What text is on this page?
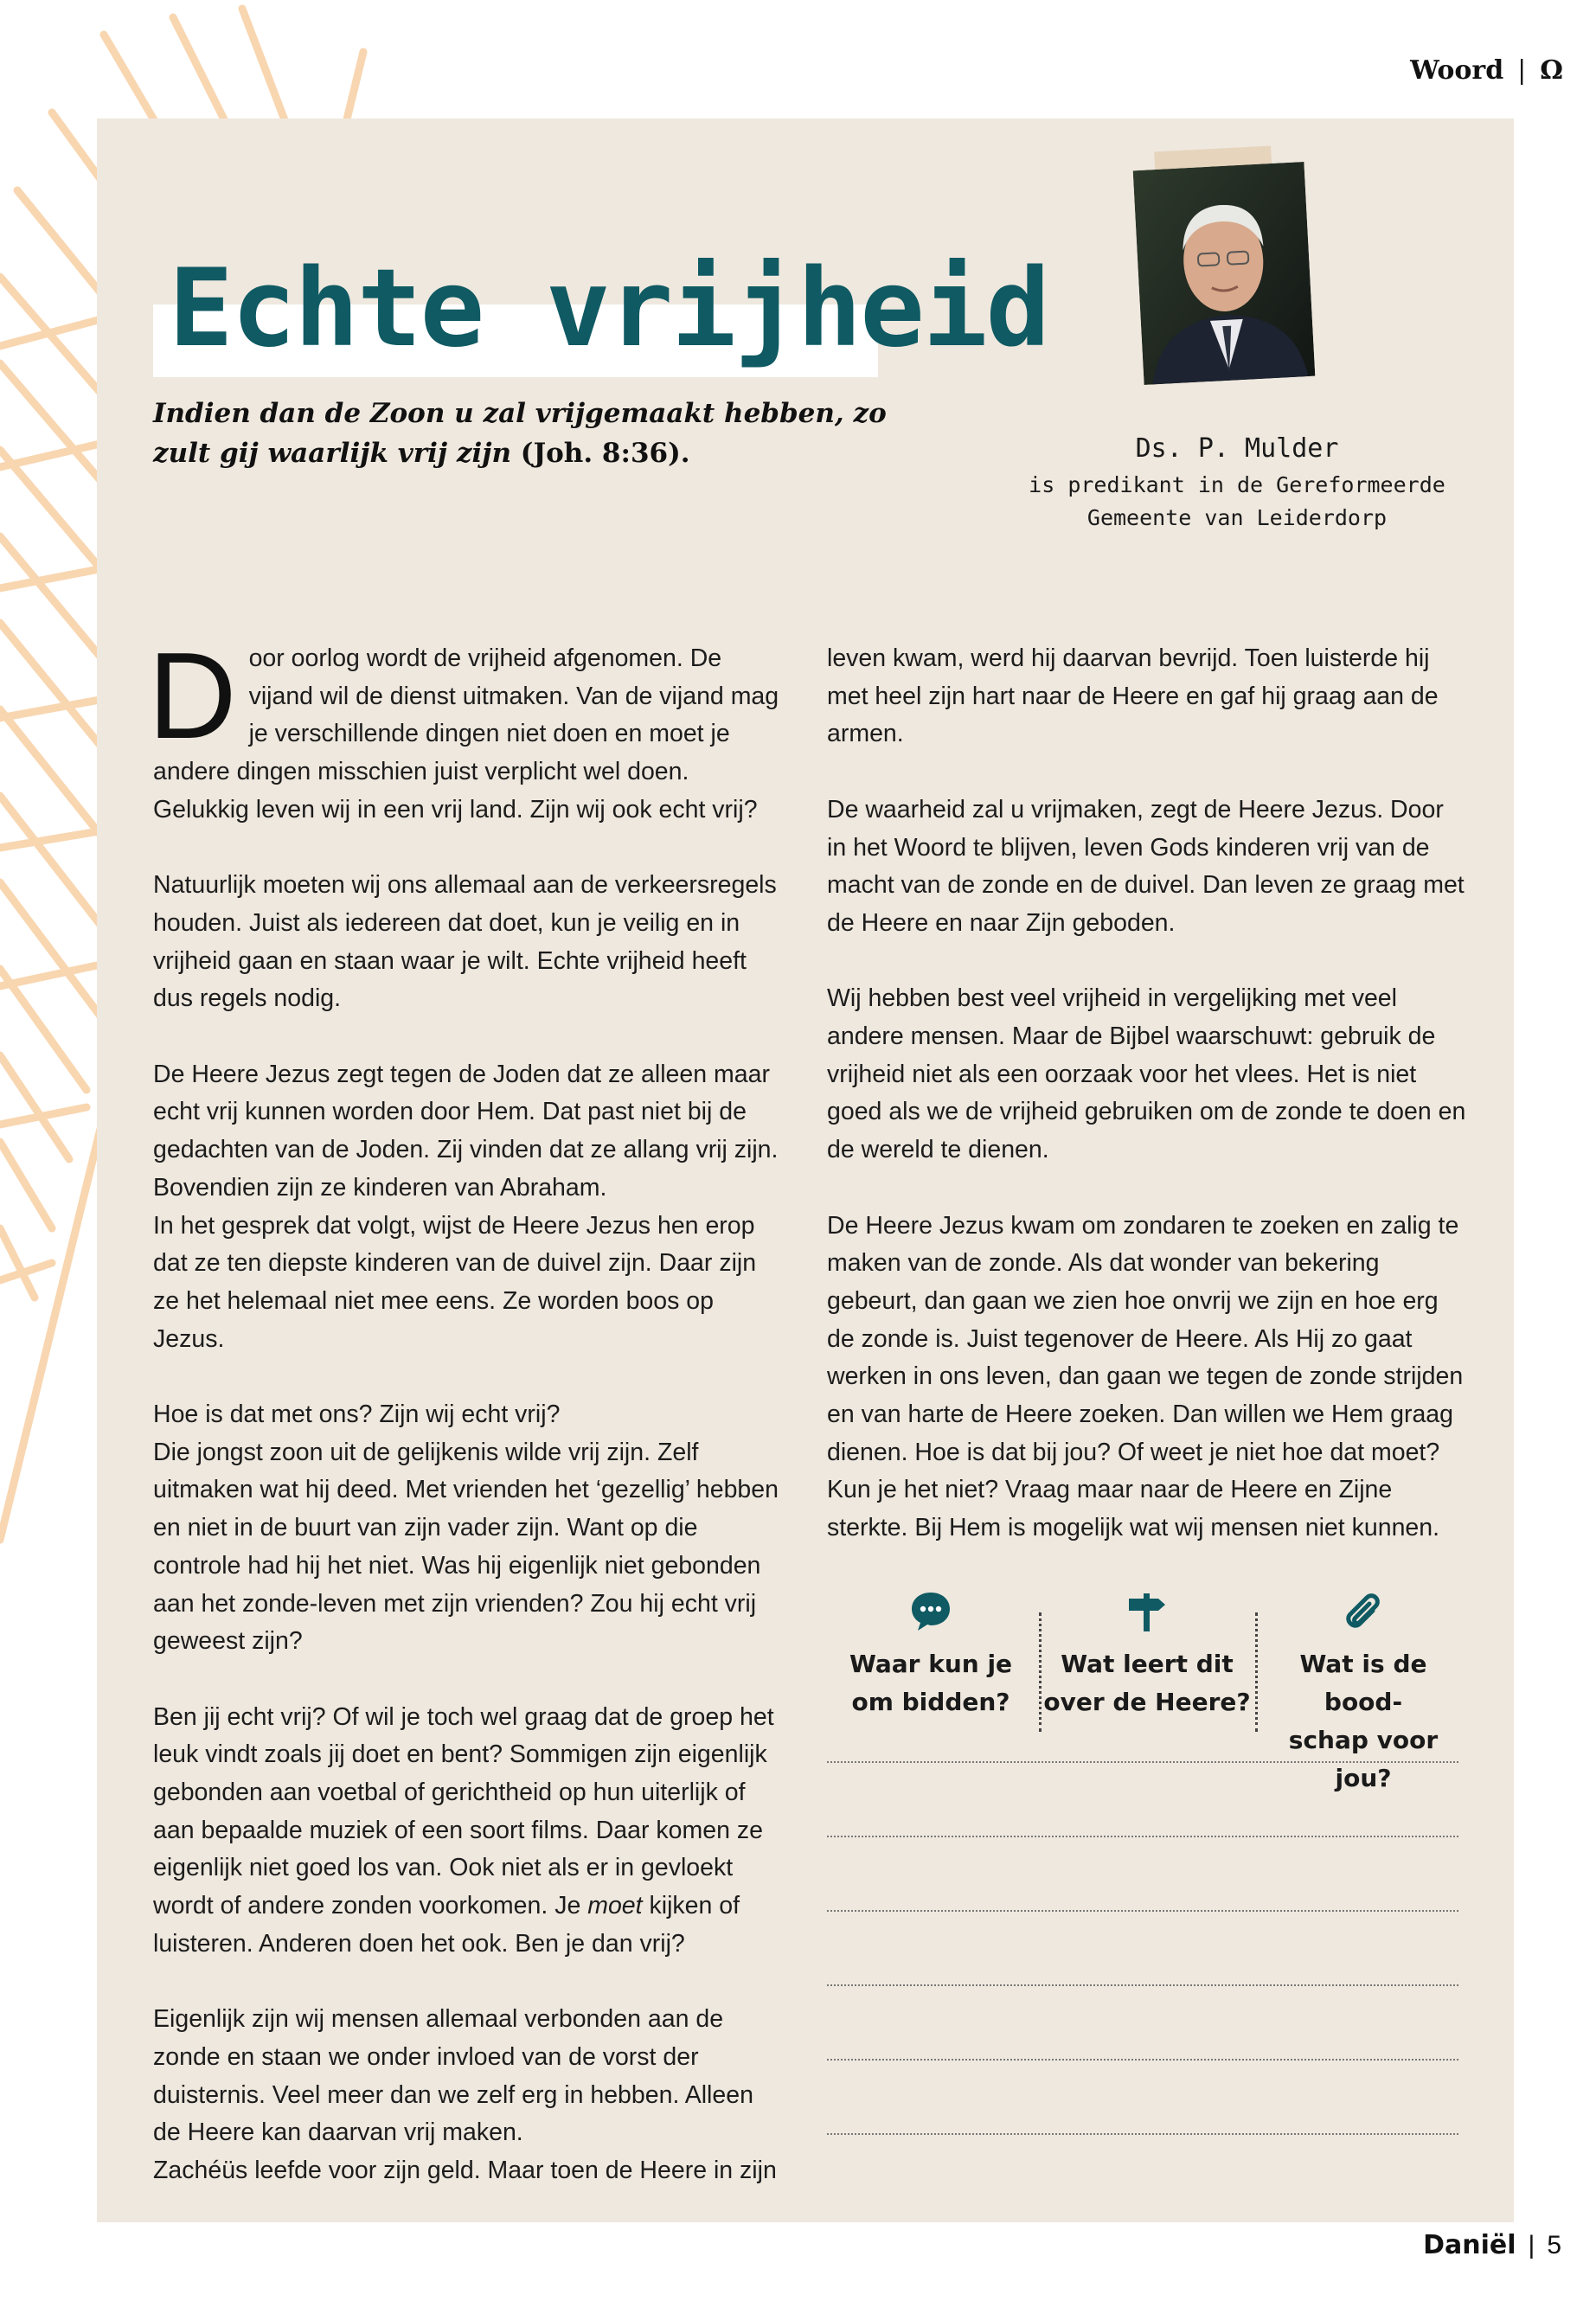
Woord | Ω
Echte vrijheid
Indien dan de Zoon u zal vrijgemaakt hebben, zo zult gij waarlijk vrij zijn (Joh. 8:36).	Ds. P. Mulder
is predikant in de Gereformeerde
Gemeente van Leiderdorp

Door oorlog wordt de vrijheid afgenomen. De vijand wil de dienst uitmaken. Van de vijand mag je verschillende dingen niet doen en moet je andere dingen misschien juist verplicht wel doen.
Gelukkig leven wij in een vrij land. Zijn wij ook echt vrij?

Natuurlijk moeten wij ons allemaal aan de verkeersregels houden. Juist als iedereen dat doet, kun je veilig en in vrijheid gaan en staan waar je wilt. Echte vrijheid heeft dus regels nodig.

De Heere Jezus zegt tegen de Joden dat ze alleen maar echt vrij kunnen worden door Hem. Dat past niet bij de gedachten van de Joden. Zij vinden dat ze allang vrij zijn. Bovendien zijn ze kinderen van Abraham.
In het gesprek dat volgt, wijst de Heere Jezus hen erop dat ze ten diepste kinderen van de duivel zijn. Daar zijn ze het helemaal niet mee eens. Ze worden boos op Jezus.

Hoe is dat met ons? Zijn wij echt vrij?
Die jongst zoon uit de gelijkenis wilde vrij zijn. Zelf uitmaken wat hij deed. Met vrienden het ‘gezellig’ hebben en niet in de buurt van zijn vader zijn. Want op die controle had hij het niet. Was hij eigenlijk niet gebonden aan het zonde-leven met zijn vrienden? Zou hij echt vrij geweest zijn?

Ben jij echt vrij? Of wil je toch wel graag dat de groep het leuk vindt zoals jij doet en bent? Sommigen zijn eigenlijk gebonden aan voetbal of gerichtheid op hun uiterlijk of aan bepaalde muziek of een soort films. Daar komen ze eigenlijk niet goed los van. Ook niet als er in gevloekt wordt of andere zonden voorkomen. Je moet kijken of luisteren. Anderen doen het ook. Ben je dan vrij?

Eigenlijk zijn wij mensen allemaal verbonden aan de zonde en staan we onder invloed van de vorst der duisternis. Veel meer dan we zelf erg in hebben. Alleen de Heere kan daarvan vrij maken.
Zachéüs leefde voor zijn geld. Maar toen de Heere in zijn

leven kwam, werd hij daarvan bevrijd. Toen luisterde hij met heel zijn hart naar de Heere en gaf hij graag aan de armen.

De waarheid zal u vrijmaken, zegt de Heere Jezus. Door in het Woord te blijven, leven Gods kinderen vrij van de macht van de zonde en de duivel. Dan leven ze graag met de Heere en naar Zijn geboden.

Wij hebben best veel vrijheid in vergelijking met veel andere mensen. Maar de Bijbel waarschuwt: gebruik de vrijheid niet als een oorzaak voor het vlees. Het is niet goed als we de vrijheid gebruiken om de zonde te doen en de wereld te dienen.

De Heere Jezus kwam om zondaren te zoeken en zalig te maken van de zonde. Als dat wonder van bekering gebeurt, dan gaan we zien hoe onvrij we zijn en hoe erg de zonde is. Juist tegenover de Heere. Als Hij zo gaat werken in ons leven, dan gaan we tegen de zonde strijden en van harte de Heere zoeken. Dan willen we Hem graag dienen. Hoe is dat bij jou? Of weet je niet hoe dat moet? Kun je het niet? Vraag maar naar de Heere en Zijne sterkte. Bij Hem is mogelijk wat wij mensen niet kunnen.

Waar kun je
om bidden?
Wat leert dit
over de Heere?
Wat is de bood-
schap voor jou?
Daniël | 5
